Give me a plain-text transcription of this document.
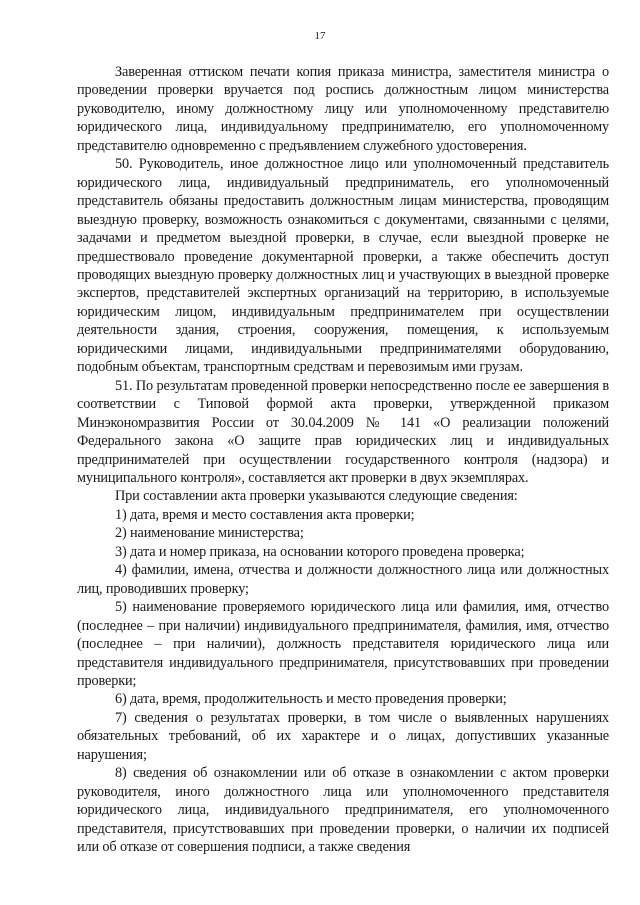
17

Заверенная оттиском печати копия приказа министра, заместителя министра о проведении проверки вручается под роспись должностным лицом министерства руководителю, иному должностному лицу или уполномоченному представителю юридического лица, индивидуальному предпринимателю, его уполномоченному представителю одновременно с предъявлением служебного удостоверения.

50. Руководитель, иное должностное лицо или уполномоченный представитель юридического лица, индивидуальный предприниматель, его уполномоченный представитель обязаны предоставить должностным лицам министерства, проводящим выездную проверку, возможность ознакомиться с документами, связанными с целями, задачами и предметом выездной проверки, в случае, если выездной проверке не предшествовало проведение документарной проверки, а также обеспечить доступ проводящих выездную проверку должностных лиц и участвующих в выездной проверке экспертов, представителей экспертных организаций на территорию, в используемые юридическим лицом, индивидуальным предпринимателем при осуществлении деятельности здания, строения, сооружения, помещения, к используемым юридическими лицами, индивидуальными предпринимателями оборудованию, подобным объектам, транспортным средствам и перевозимым ими грузам.

51. По результатам проведенной проверки непосредственно после ее завершения в соответствии с Типовой формой акта проверки, утвержденной приказом Минэкономразвития России от 30.04.2009 № 141 «О реализации положений Федерального закона «О защите прав юридических лиц и индивидуальных предпринимателей при осуществлении государственного контроля (надзора) и муниципального контроля», составляется акт проверки в двух экземплярах.

При составлении акта проверки указываются следующие сведения:

1) дата, время и место составления акта проверки;

2) наименование министерства;

3) дата и номер приказа, на основании которого проведена проверка;

4) фамилии, имена, отчества и должности должностного лица или должностных лиц, проводивших проверку;

5) наименование проверяемого юридического лица или фамилия, имя, отчество (последнее – при наличии) индивидуального предпринимателя, фамилия, имя, отчество (последнее – при наличии), должность представителя юридического лица или представителя индивидуального предпринимателя, присутствовавших при проведении проверки;

6) дата, время, продолжительность и место проведения проверки;

7) сведения о результатах проверки, в том числе о выявленных нарушениях обязательных требований, об их характере и о лицах, допустивших указанные нарушения;

8) сведения об ознакомлении или об отказе в ознакомлении с актом проверки руководителя, иного должностного лица или уполномоченного представителя юридического лица, индивидуального предпринимателя, его уполномоченного представителя, присутствовавших при проведении проверки, о наличии их подписей или об отказе от совершения подписи, а также сведения
